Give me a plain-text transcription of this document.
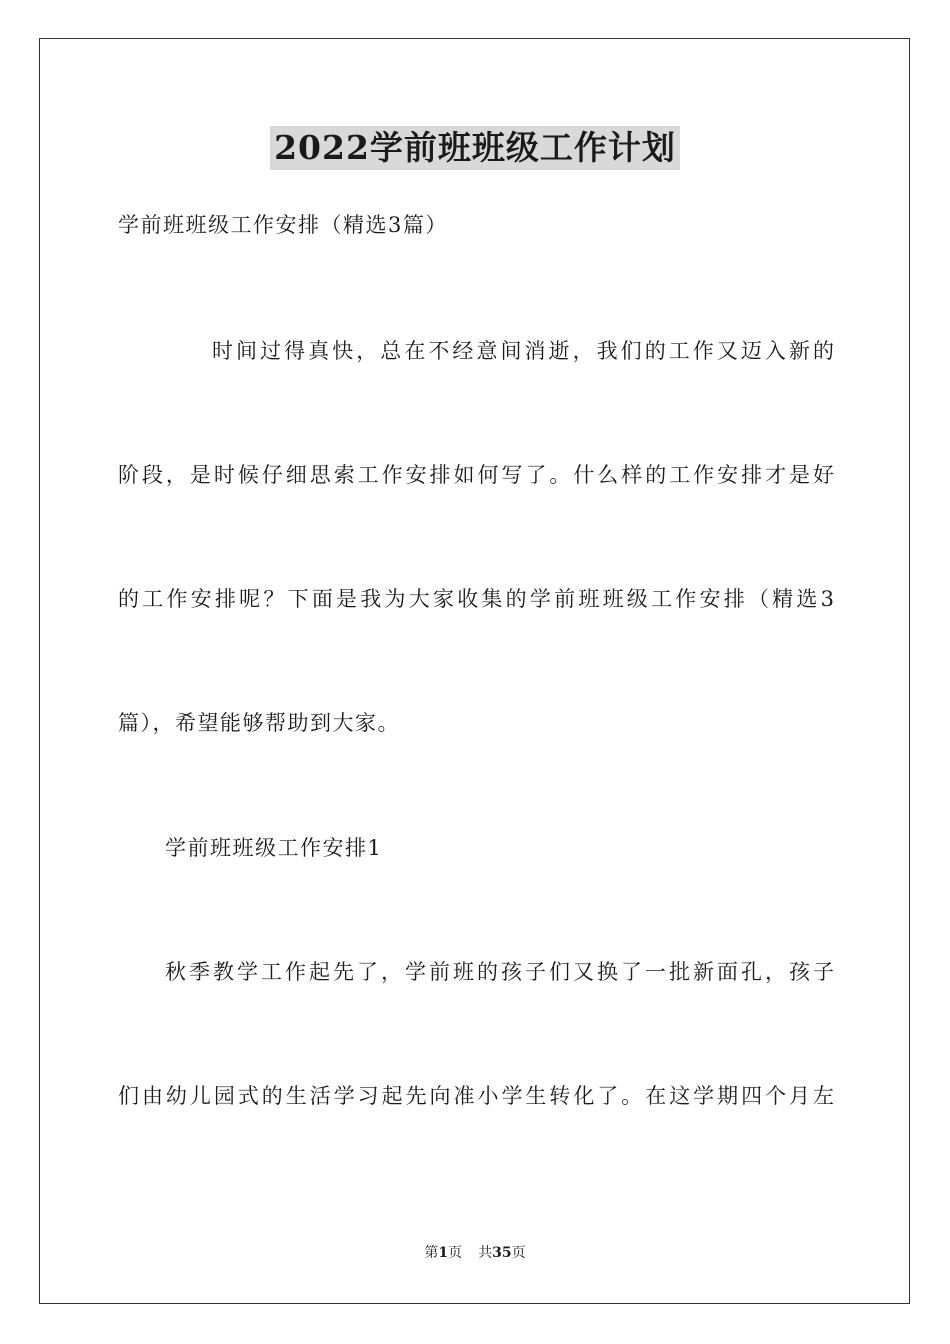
2022学前班班级工作计划

学前班班级工作安排（精选3篇）

时间过得真快，总在不经意间消逝，我们的工作又迈入新的

阶段，是时候仔细思索工作安排如何写了。什么样的工作安排才是好

的工作安排呢？下面是我为大家收集的学前班班级工作安排（精选3

篇），希望能够帮助到大家。

学前班班级工作安排1

秋季教学工作起先了，学前班的孩子们又换了一批新面孔，孩子

们由幼儿园式的生活学习起先向准小学生转化了。在这学期四个月左

第1页 共35页
